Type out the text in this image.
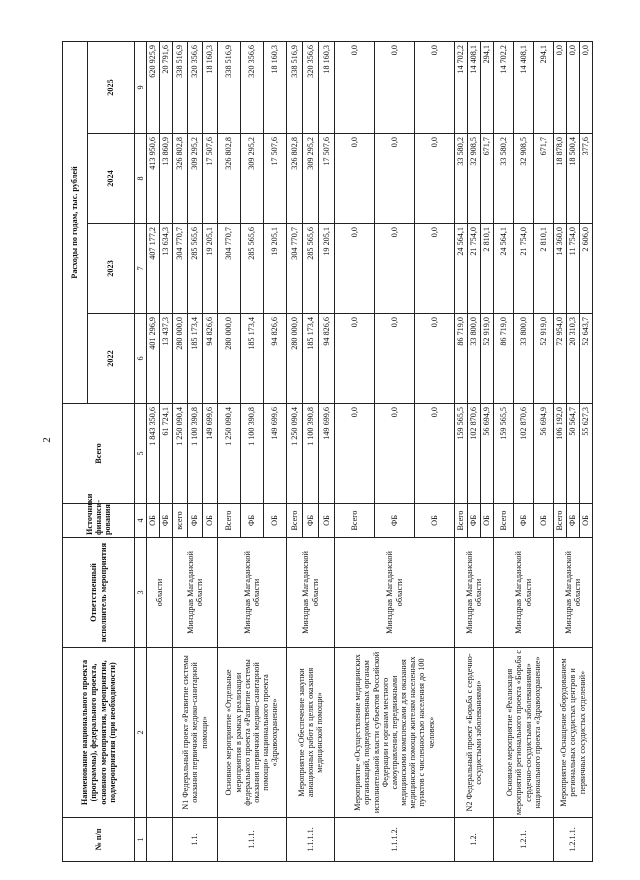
2
№ п/п	Наименование национального проекта (программы), федерального проекта, основного мероприятия, мероприятия, подмероприятия (при необходимости)	Ответственный исполнитель мероприятия	Источники финанси-рования	Всего	Расходы по годам, тыс. рублей			
					2022	2023	2024	2025
1	2	3	4	5	6	7	8	9
		области	ОБ	1 843 350,6	401 296,9	407 177,2	413 950,6	620 925,9
			ФБ	61 724,1	13 437,3	13 634,3	13 860,9	20 791,6
1.1.	N1 Федеральный проект «Развитие системы оказания первичной медико-санитарной помощи»	Минздрав Магаданской области	всего	1 250 090,4	280 000,0	304 770,7	326 802,8	338 516,9
			ФБ	1 100 390,8	185 173,4	285 565,6	309 295,2	320 356,6
			ОБ	149 699,6	94 826,6	19 205,1	17 507,6	18 160,3
1.1.1.	Основное мероприятие «Отдельные мероприятия в рамках реализации федерального проекта «Развитие системы оказания первичной медико-санитарной помощи» национального проекта «Здравоохранение»	Минздрав Магаданской области	Всего	1 250 090,4	280 000,0	304 770,7	326 802,8	338 516,9
			ФБ	1 100 390,8	185 173,4	285 565,6	309 295,2	320 356,6
			ОБ	149 699,6	94 826,6	19 205,1	17 507,6	18 160,3
1.1.1.1.	Мероприятие «Обеспечение закупки авиационных работ в целях оказания медицинской помощи»	Минздрав Магаданской области	Всего	1 250 090,4	280 000,0	304 770,7	326 802,8	338 516,9
			ФБ	1 100 390,8	185 173,4	285 565,6	309 295,2	320 356,6
			ОБ	149 699,6	94 826,6	19 205,1	17 507,6	18 160,3
1.1.1.2.	Мероприятие «Осуществление медицинских организаций, подведомственных органам исполнительной власти субъектов Российской Федерации и органам местного самоуправления, передвижными медицинскими комплексами для оказания медицинской помощи жителям населенных пунктов с численностью населения до 100 человек»	Минздрав Магаданской области	Всего	0,0	0,0	0,0	0,0	0,0
			ФБ	0,0	0,0	0,0	0,0	0,0
			ОБ	0,0	0,0	0,0	0,0	0,0
1.2.	N2 Федеральный проект «Борьба с сердечно-сосудистыми заболеваниями»	Минздрав Магаданской области	Всего	159 565,5	86 719,0	24 564,1	33 580,2	14 702,2
			ФБ	102 870,6	33 800,0	21 754,0	32 908,5	14 408,1
			ОБ	56 694,9	52 919,0	2 810,1	671,7	294,1
1.2.1.	Основное мероприятие «Реализация мероприятий регионального проекта «Борьба с сердечно-сосудистыми заболеваниями» национального проекта «Здравоохранение»	Минздрав Магаданской области	Всего	159 565,5	86 719,0	24 564,1	33 580,2	14 702,2
			ФБ	102 870,6	33 800,0	21 754,0	32 908,5	14 408,1
			ОБ	56 694,9	52 919,0	2 810,1	671,7	294,1
1.2.1.1.	Мероприятие «Оснащение оборудованием региональных сосудистых центров и первичных сосудистых отделений»	Минздрав Магаданской области	Всего	106 192,0	72 954,0	14 360,0	18 878,0	0,0
			ФБ	50 564,7	20 310,3	11 754,0	18 500,4	0,0
			ОБ	55 627,3	52 643,7	2 606,0	377,6	0,0
